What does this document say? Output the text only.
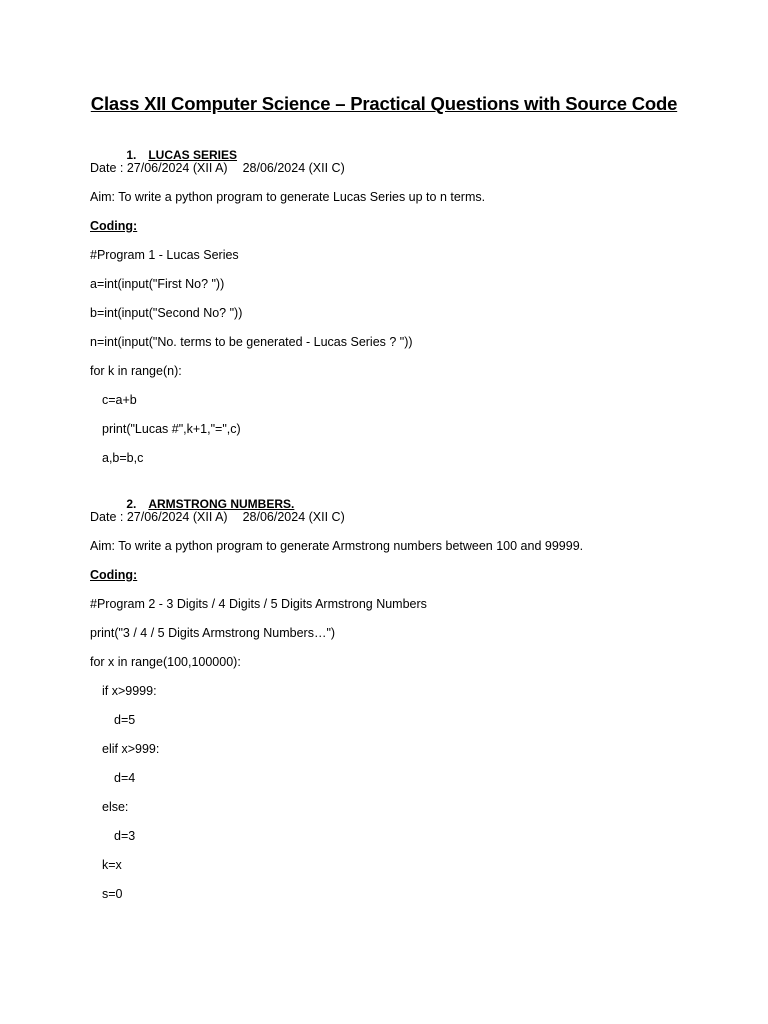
Class XII Computer Science – Practical Questions with Source Code

1. LUCAS SERIES

Date : 27/06/2024 (XII A) 28/06/2024 (XII C)
Aim: To write a python program to generate Lucas Series up to n terms.
Coding:
#Program 1 - Lucas Series
a=int(input("First No? "))
b=int(input("Second No? "))
n=int(input("No. terms to be generated - Lucas Series ? "))
for k in range(n):
c=a+b
print("Lucas #",k+1,"=",c)
a,b=b,c

2. ARMSTRONG NUMBERS.

Date : 27/06/2024 (XII A) 28/06/2024 (XII C)
Aim: To write a python program to generate Armstrong numbers between 100 and 99999.
Coding:
#Program 2 - 3 Digits / 4 Digits / 5 Digits Armstrong Numbers
print("3 / 4 / 5 Digits Armstrong Numbers…")
for x in range(100,100000):
if x>9999:
d=5
elif x>999:
d=4
else:
d=3
k=x
s=0
